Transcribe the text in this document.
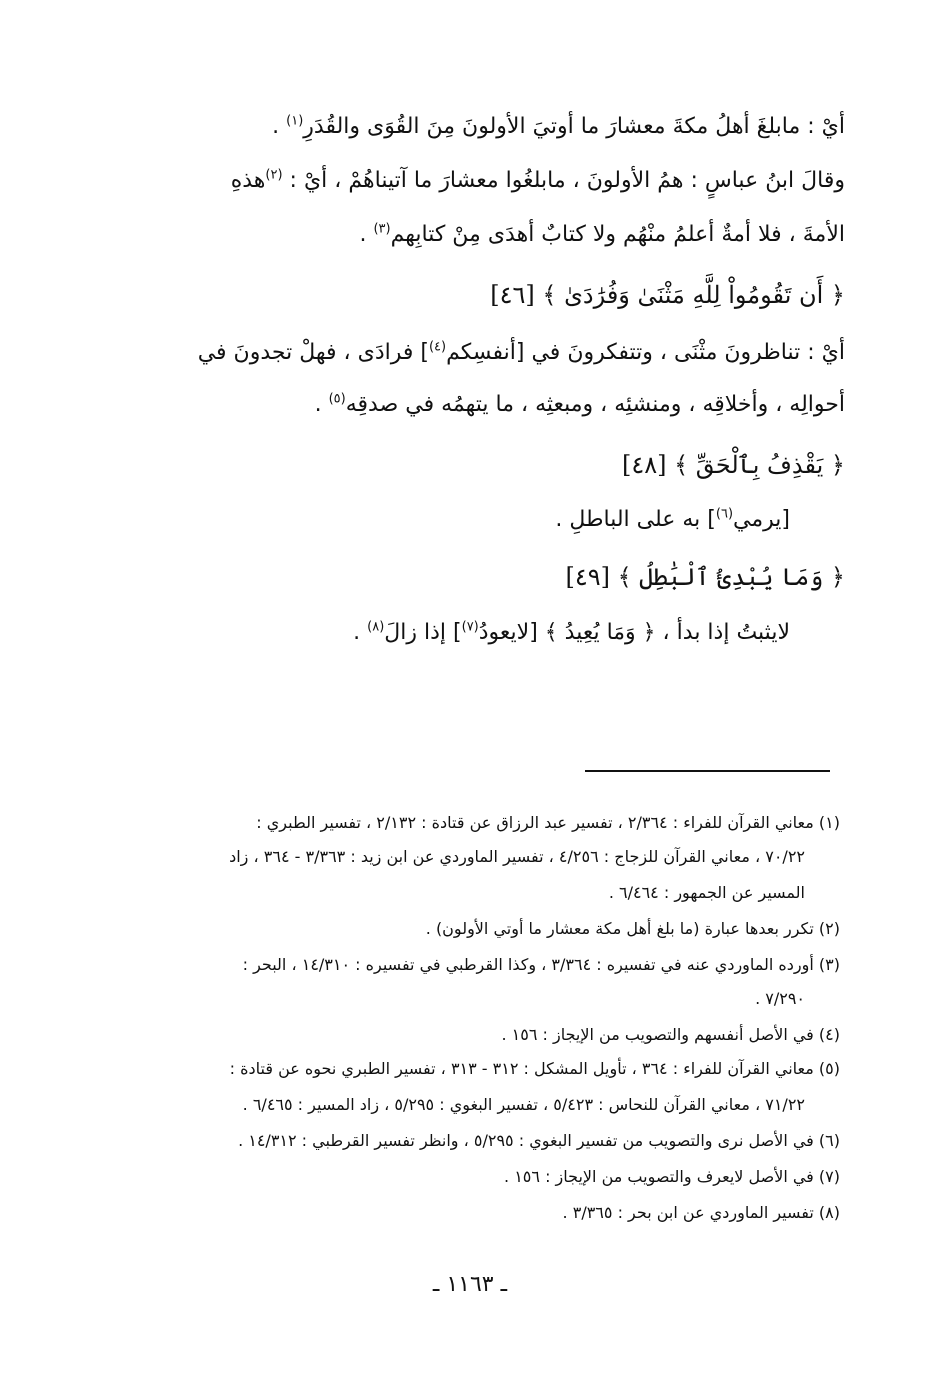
أيْ : مابلغَ أهلُ مكةَ معشارَ ما أوتيَ الأولونَ مِنَ القُوَى والقُدَرِ$^{(١)}$ .
وقالَ ابنُ عباسٍ : همُ الأولونَ ، مابلغُوا معشارَ ما آتيناهُمْ ، أيْ : $^{(٢)}$هذهِ
الأمةَ ، فلا أمةٌ أعلمُ منْهُم ولا كتابٌ أهدَى مِنْ كتابِهم$^{(٣)}$ .
﴿ أَن تَقُومُواْ لِلَّهِ مَثْنَىٰ وَفُرَٰدَىٰ ﴾ [٤٦]
أيْ : تناظرونَ مثْنَى ، وتتفكرونَ في [أنفسِكم$^{(٤)}$] فرادَى ، فهلْ تجدونَ في
أحوالِه ، وأخلاقِه ، ومنشئِه ، ومبعثِه ، ما يتهمُه في صدقِه$^{(٥)}$ .
﴿ يَقْذِفُ بِٱلْحَقِّ ﴾ [٤٨]
[يرمي$^{(٦)}$] به على الباطلِ .
﴿ وَمَا يُبْدِئُ ٱلْبَٰطِلُ ﴾ [٤٩]
لايثبتُ إذا بدأ ، ﴿ وَمَا يُعِيدُ ﴾ [لايعودُ$^{(٧)}$] إذا زالَ$^{(٨)}$ .
(١) معاني القرآن للفراء : ٢/٣٦٤ ، تفسير عبد الرزاق عن قتادة : ٢/١٣٢ ، تفسير الطبري :
٧٠/٢٢ ، معاني القرآن للزجاج : ٤/٢٥٦ ، تفسير الماوردي عن ابن زيد : ٣/٣٦٣ - ٣٦٤ ، زاد
المسير عن الجمهور : ٦/٤٦٤ .
(٢) تكرر بعدها عبارة (ما بلغ أهل مكة معشار ما أوتي الأولون) .
(٣) أورده الماوردي عنه في تفسيره : ٣/٣٦٤ ، وكذا القرطبي في تفسيره : ١٤/٣١٠ ، البحر :
٧/٢٩٠ .
(٤) في الأصل أنفسهم والتصويب من الإيجاز : ١٥٦ .
(٥) معاني القرآن للفراء : ٣٦٤ ، تأويل المشكل : ٣١٢ - ٣١٣ ، تفسير الطبري نحوه عن قتادة :
٧١/٢٢ ، معاني القرآن للنحاس : ٥/٤٢٣ ، تفسير البغوي : ٥/٢٩٥ ، زاد المسير : ٦/٤٦٥ .
(٦) في الأصل نرى والتصويب من تفسير البغوي : ٥/٢٩٥ ، وانظر تفسير القرطبي : ١٤/٣١٢ .
(٧) في الأصل لايعرف والتصويب من الإيجاز : ١٥٦ .
(٨) تفسير الماوردي عن ابن بحر : ٣/٣٦٥ .
ـ ١١٦٣ ـ
